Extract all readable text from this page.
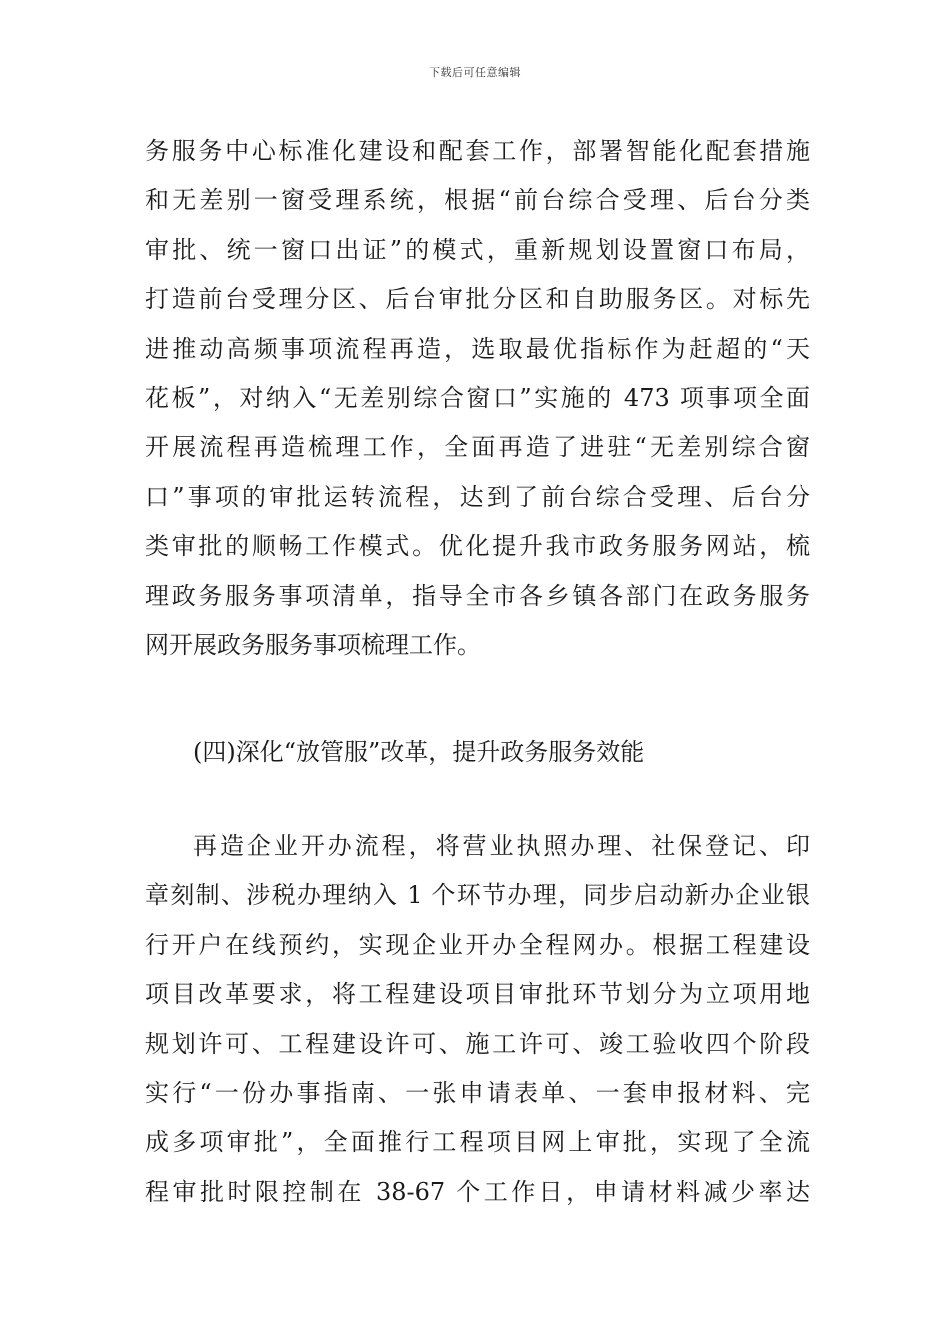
下载后可任意编辑
务服务中心标准化建设和配套工作，部署智能化配套措施
和无差别一窗受理系统，根据“前台综合受理、后台分类
审批、统一窗口出证”的模式，重新规划设置窗口布局，
打造前台受理分区、后台审批分区和自助服务区。对标先
进推动高频事项流程再造，选取最优指标作为赶超的“天
花板”，对纳入“无差别综合窗口”实施的 473 项事项全面
开展流程再造梳理工作，全面再造了进驻“无差别综合窗
口”事项的审批运转流程，达到了前台综合受理、后台分
类审批的顺畅工作模式。优化提升我市政务服务网站，梳
理政务服务事项清单，指导全市各乡镇各部门在政务服务
网开展政务服务事项梳理工作。
(四)深化“放管服”改革，提升政务服务效能
再造企业开办流程，将营业执照办理、社保登记、印
章刻制、涉税办理纳入 1 个环节办理，同步启动新办企业银
行开户在线预约，实现企业开办全程网办。根据工程建设
项目改革要求，将工程建设项目审批环节划分为立项用地
规划许可、工程建设许可、施工许可、竣工验收四个阶段
实行“一份办事指南、一张申请表单、一套申报材料、完
成多项审批”，全面推行工程项目网上审批，实现了全流
程审批时限控制在 38-67 个工作日，申请材料减少率达
